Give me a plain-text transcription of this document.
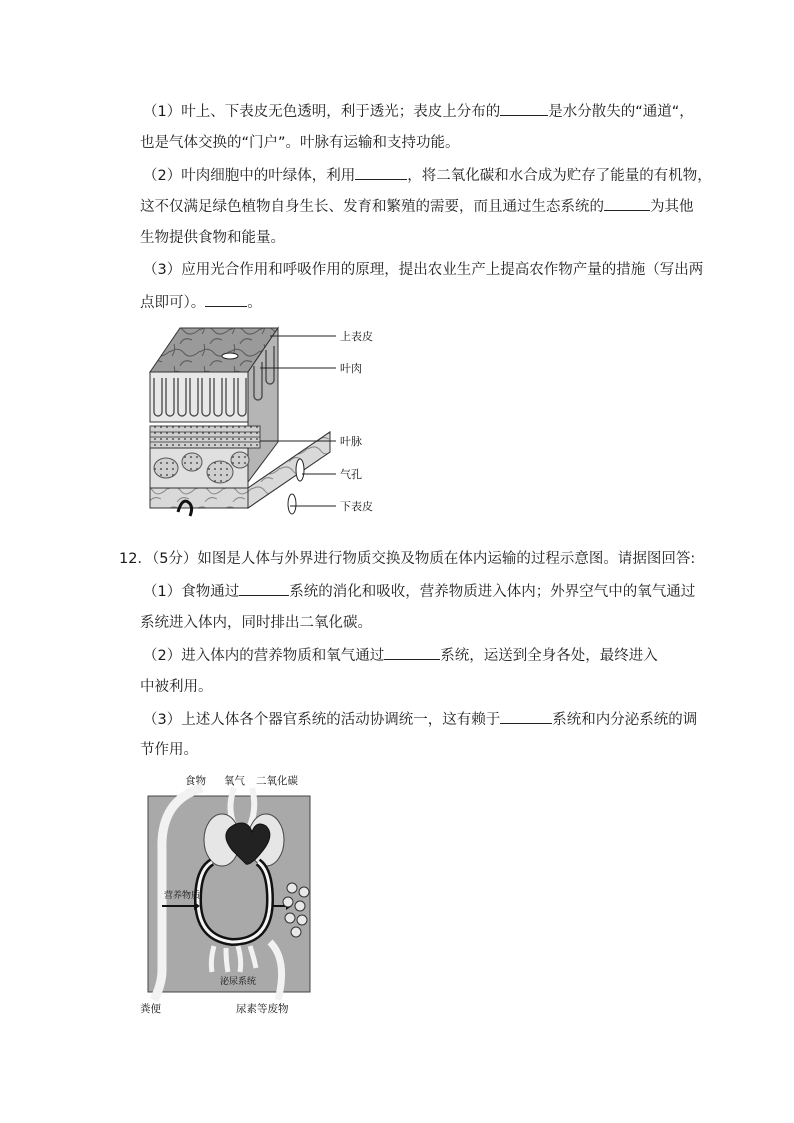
（1）叶上、下表皮无色透明，利于透光；表皮上分布的	是水分散失的“通道“，
也是气体交换的“门户”。叶脉有运输和支持功能。
（2）叶肉细胞中的叶绿体，利用	，将二氧化碳和水合成为贮存了能量的有机物，
这不仅满足绿色植物自身生长、发育和繁殖的需要，而且通过生态系统的	为其他
生物提供食物和能量。
（3）应用光合作用和呼吸作用的原理，提出农业生产上提高农作物产量的措施（写出两
点即可）。	。
上表皮
叶肉
叶脉
气孔
下表皮
12．（5分）如图是人体与外界进行物质交换及物质在体内运输的过程示意图。请据图回答:
（1）食物通过	系统的消化和吸收，营养物质进入体内；外界空气中的氧气通过
系统进入体内，同时排出二氧化碳。
（2）进入体内的营养物质和氧气通过	系统，运送到全身各处，最终进入
中被利用。
（3）上述人体各个器官系统的活动协调统一，这有赖于	系统和内分泌系统的调
节作用。
食物 氧气 二氧化碳
营养物质
泌尿系统
粪便	尿素等废物
